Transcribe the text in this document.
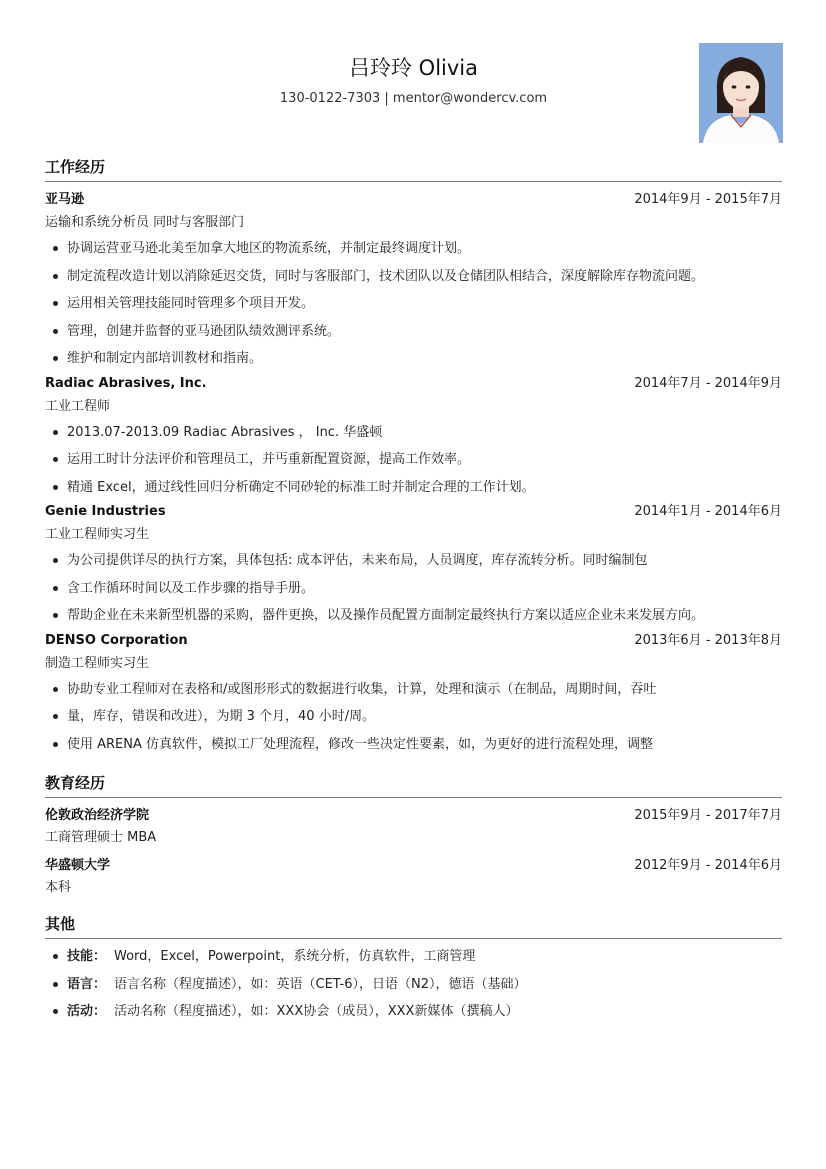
吕玲玲 Olivia
130-0122-7303 | mentor@wondercv.com
工作经历
亚马逊	2014年9月 - 2015年7月
运输和系统分析员 同时与客服部门
协调运营亚马逊北美至加拿大地区的物流系统，并制定最终调度计划。
制定流程改造计划以消除延迟交货，同时与客服部门，技术团队以及仓储团队相结合，深度解除库存物流问题。
运用相关管理技能同时管理多个项目开发。
管理，创建并监督的亚马逊团队绩效测评系统。
维护和制定内部培训教材和指南。
Radiac Abrasives, Inc.	2014年7月 - 2014年9月
工业工程师
2013.07-2013.09 Radiac Abrasives ， Inc. 华盛顿
运用工时计分法评价和管理员工，并丐重新配置资源，提高工作效率。
精通 Excel，通过线性回归分析确定不同砂轮的标准工时并制定合理的工作计划。
Genie Industries	2014年1月 - 2014年6月
工业工程师实习生
为公司提供详尽的执行方案，具体包括: 成本评估，未来布局，人员调度，库存流转分析。同时编制包
含工作循环时间以及工作步骤的指导手册。
帮助企业在未来新型机器的采购，器件更换，以及操作员配置方面制定最终执行方案以适应企业未来发展方向。
DENSO Corporation	2013年6月 - 2013年8月
制造工程师实习生
协助专业工程师对在表格和/或图形形式的数据进行收集，计算，处理和演示（在制品，周期时间，吞吐
量，库存，错误和改进），为期 3 个月，40 小时/周。
使用 ARENA 仿真软件，模拟工厂处理流程，修改一些决定性要素，如，为更好的进行流程处理，调整
教育经历
伦敦政治经济学院	2015年9月 - 2017年7月
工商管理硕士 MBA
华盛顿大学	2012年9月 - 2014年6月
本科
其他
技能： Word，Excel，Powerpoint，系统分析，仿真软件，工商管理
语言： 语言名称（程度描述），如：英语（CET-6），日语（N2），德语（基础）
活动： 活动名称（程度描述），如：XXX协会（成员），XXX新媒体（撰稿人）
